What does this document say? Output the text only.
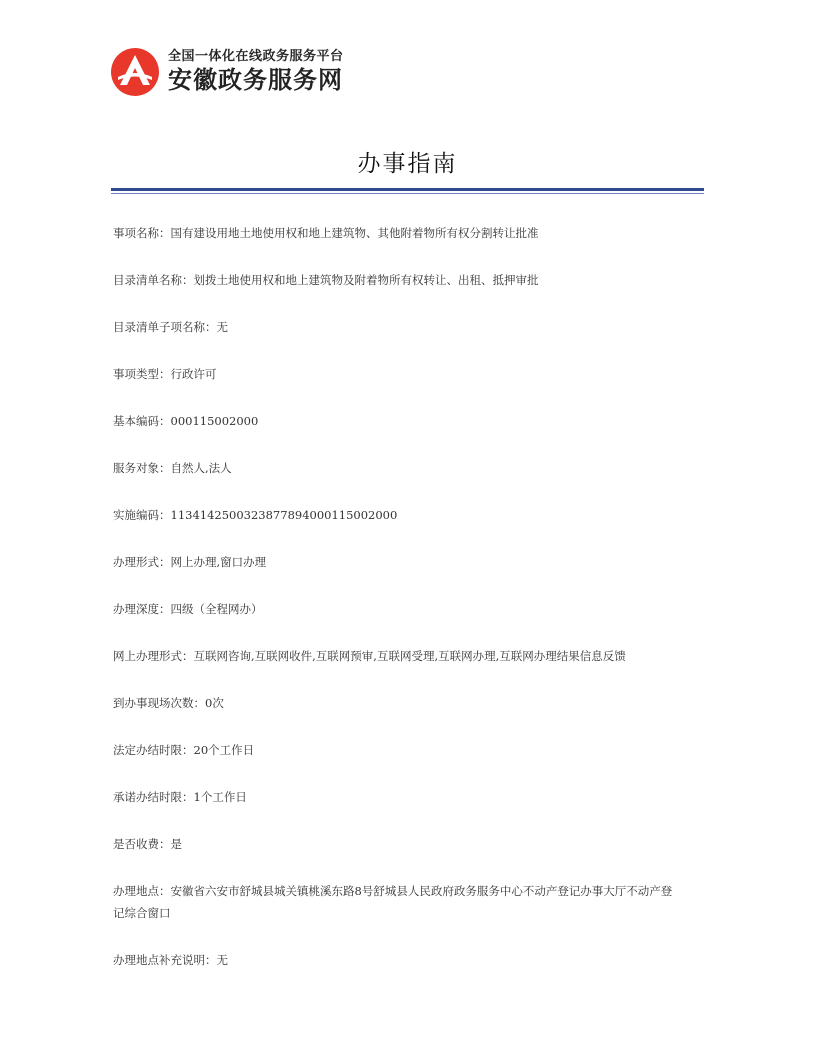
全国一体化在线政务服务平台
安徽政务服务网
办事指南
事项名称：国有建设用地土地使用权和地上建筑物、其他附着物所有权分割转让批准
目录清单名称：划拨土地使用权和地上建筑物及附着物所有权转让、出租、抵押审批
目录清单子项名称：无
事项类型：行政许可
基本编码：000115002000
服务对象：自然人,法人
实施编码：11341425003238778940001150020​00
办理形式：网上办理,窗口办理
办理深度：四级（全程网办）
网上办理形式：互联网咨询,互联网收件,互联网预审,互联网受理,互联网办理,互联网办理结果信息反馈
到办事现场次数：0次
法定办结时限：20个工作日
承诺办结时限：1个工作日
是否收费：是
办理地点：安徽省六安市舒城县城关镇桃溪东路8号舒城县人民政府政务服务中心不动产登记办事大厅不动产登记综合窗口
办理地点补充说明：无
